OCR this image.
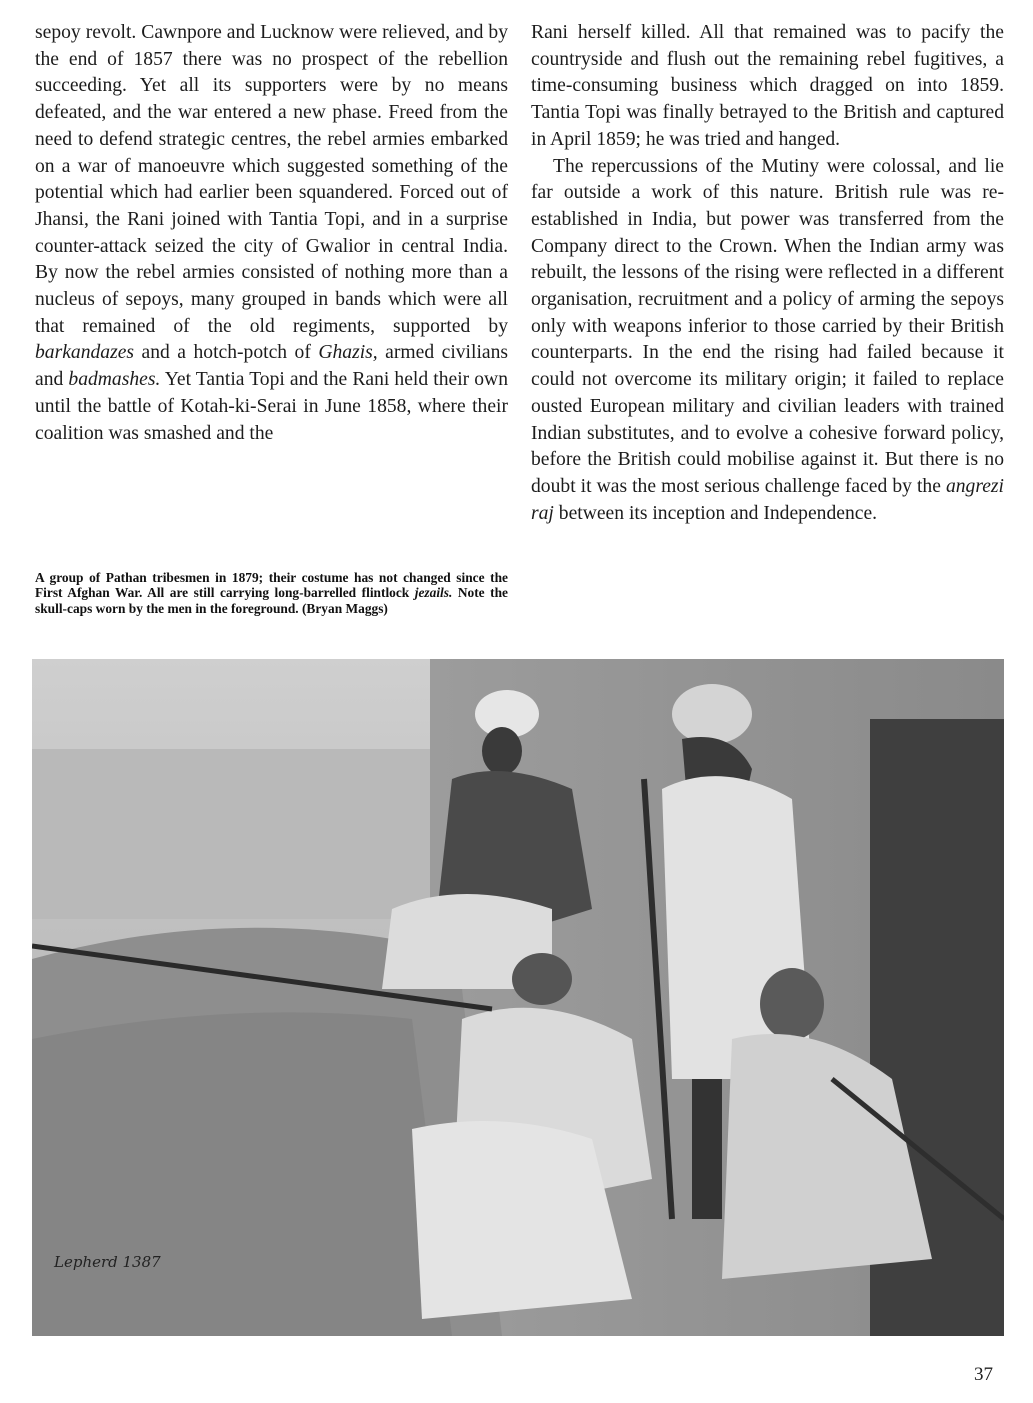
sepoy revolt. Cawnpore and Lucknow were relieved, and by the end of 1857 there was no prospect of the rebellion succeeding. Yet all its supporters were by no means defeated, and the war entered a new phase. Freed from the need to defend strategic centres, the rebel armies embarked on a war of manoeuvre which suggested something of the potential which had earlier been squandered. Forced out of Jhansi, the Rani joined with Tantia Topi, and in a surprise counter-attack seized the city of Gwalior in central India. By now the rebel armies consisted of nothing more than a nucleus of sepoys, many grouped in bands which were all that remained of the old regiments, supported by barkandazes and a hotch-potch of Ghazis, armed civilians and badmashes. Yet Tantia Topi and the Rani held their own until the battle of Kotah-ki-Serai in June 1858, where their coalition was smashed and the

Rani herself killed. All that remained was to pacify the countryside and flush out the remaining rebel fugitives, a time-consuming business which dragged on into 1859. Tantia Topi was finally betrayed to the British and captured in April 1859; he was tried and hanged.

The repercussions of the Mutiny were colossal, and lie far outside a work of this nature. British rule was re-established in India, but power was transferred from the Company direct to the Crown. When the Indian army was rebuilt, the lessons of the rising were reflected in a different organisation, recruitment and a policy of arming the sepoys only with weapons inferior to those carried by their British counterparts. In the end the rising had failed because it could not overcome its military origin; it failed to replace ousted European military and civilian leaders with trained Indian substitutes, and to evolve a cohesive forward policy, before the British could mobilise against it. But there is no doubt it was the most serious challenge faced by the angrezi raj between its inception and Independence.

A group of Pathan tribesmen in 1879; their costume has not changed since the First Afghan War. All are still carrying long-barrelled flintlock jezails. Note the skull-caps worn by the men in the foreground. (Bryan Maggs)
Lepherd 1387
37
